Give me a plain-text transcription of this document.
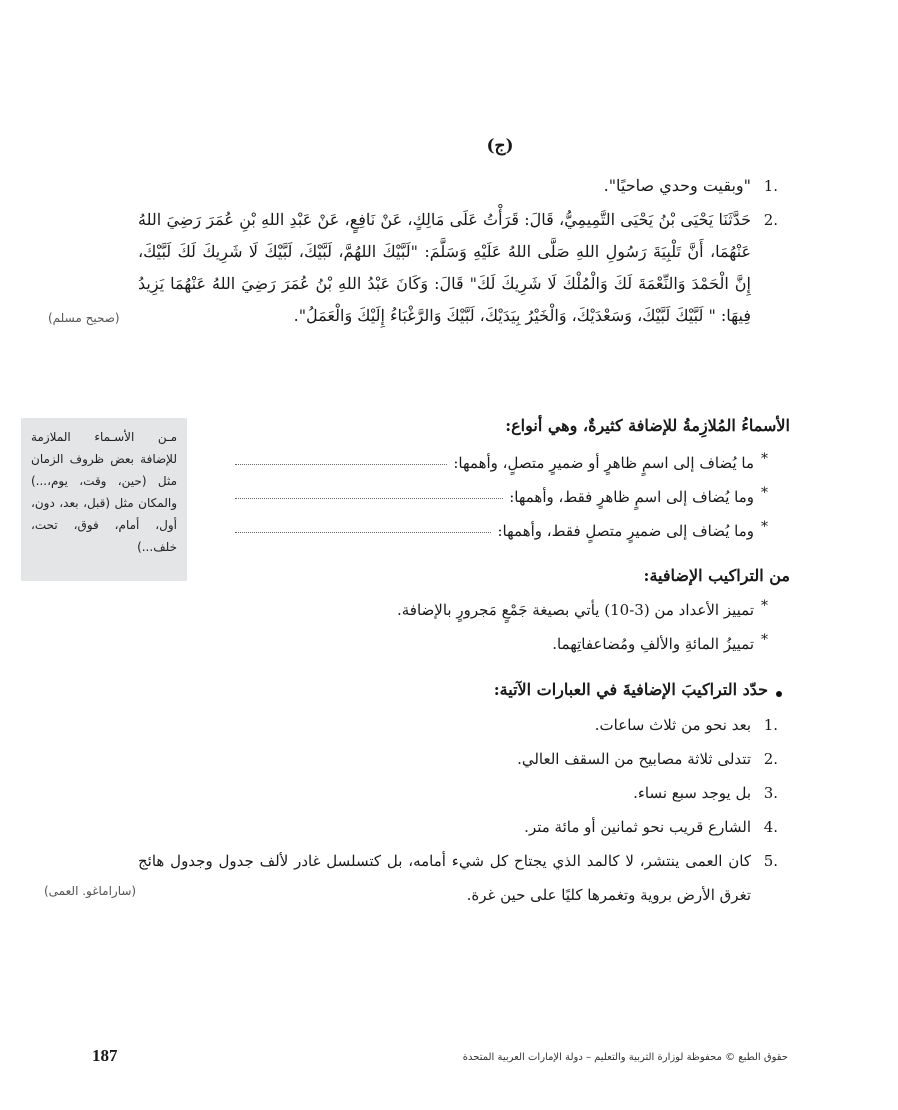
(ج)
1.
"وبقيت وحدي صاحيًا".
2.
حَدَّثَنَا يَحْيَى بْنُ يَحْيَى التَّمِيمِيُّ، قَالَ: قَرَأْتُ عَلَى مَالِكٍ، عَنْ نَافِعٍ، عَنْ عَبْدِ اللهِ بْنِ عُمَرَ رَضِيَ اللهُ عَنْهُمَا، أَنَّ تَلْبِيَةَ رَسُولِ اللهِ صَلَّى اللهُ عَلَيْهِ وَسَلَّمَ: "لَبَّيْكَ اللهُمَّ، لَبَّيْكَ، لَبَّيْكَ لَا شَرِيكَ لَكَ لَبَّيْكَ، إِنَّ الْحَمْدَ وَالنِّعْمَةَ لَكَ وَالْمُلْكَ لَا شَرِيكَ لَكَ" قَالَ: وَكَانَ عَبْدُ اللهِ بْنُ عُمَرَ رَضِيَ اللهُ عَنْهُمَا يَزِيدُ فِيهَا: " لَبَّيْكَ لَبَّيْكَ، وَسَعْدَيْكَ، وَالْخَيْرُ بِيَدَيْكَ، لَبَّيْكَ وَالرَّغْبَاءُ إِلَيْكَ وَالْعَمَلُ".
(صحيح مسلم)
مـن الأسـماء الملازمة للإضافة بعض ظروف الزمان مثل (حين، وقت، يوم،...) والمكان مثل (قبل، بعد، دون، أول، أمام، فوق، تحت، خلف...)
الأسماءُ المُلازِمةُ للإضافة كثيرةٌ، وهي أنواع:
*
ما يُضاف إلى اسمٍ ظاهرٍ أو ضميرٍ متصلٍ، وأهمها:
*
وما يُضاف إلى اسمٍ ظاهرٍ فقط، وأهمها:
*
وما يُضاف إلى ضميرٍ متصلٍ فقط، وأهمها:
من التراكيب الإضافية:
*
تمييز الأعداد من (3-10) يأتي بصيغة جَمْعٍ مَجرورٍ بالإضافة.
*
تمييزُ المائةِ والألفِ ومُضاعفاتِهما.
حدّد التراكيبَ الإضافيةَ في العبارات الآتية:
1.
بعد نحو من ثلاث ساعات.
2.
تتدلى ثلاثة مصابيح من السقف العالي.
3.
بل يوجد سبع نساء.
4.
الشارع قريب نحو ثمانين أو مائة متر.
5.
كان العمى ينتشر، لا كالمد الذي يجتاح كل شيء أمامه، بل كتسلسل غادر لألف جدول وجدول هائج تغرق الأرض بروية وتغمرها كليًا على حين غرة.
(ساراماغو. العمى)
187	حقوق الطبع © محفوظة لوزارة التربية والتعليم – دولة الإمارات العربية المتحدة
